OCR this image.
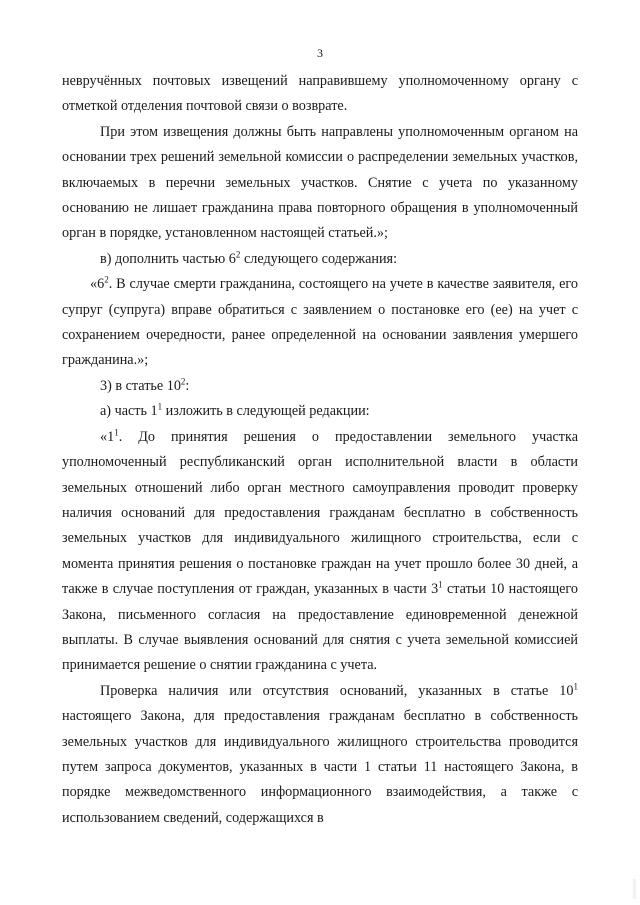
3

невручённых почтовых извещений направившему уполномоченному органу с отметкой отделения почтовой связи о возврате.

При этом извещения должны быть направлены уполномоченным органом на основании трех решений земельной комиссии о распределении земельных участков, включаемых в перечни земельных участков. Снятие с учета по указанному основанию не лишает гражданина права повторного обращения в уполномоченный орган в порядке, установленном настоящей статьей.»;

в) дополнить частью $6^2$ следующего содержания:

«$6^2$. В случае смерти гражданина, состоящего на учете в качестве заявителя, его супруг (супруга) вправе обратиться с заявлением о постановке его (ее) на учет с сохранением очередности, ранее определенной на основании заявления умершего гражданина.»;

3) в статье $10^2$:

а) часть $1^1$ изложить в следующей редакции:

«$1^1$. До принятия решения о предоставлении земельного участка уполномоченный республиканский орган исполнительной власти в области земельных отношений либо орган местного самоуправления проводит проверку наличия оснований для предоставления гражданам бесплатно в собственность земельных участков для индивидуального жилищного строительства, если с момента принятия решения о постановке граждан на учет прошло более 30 дней, а также в случае поступления от граждан, указанных в части $3^1$ статьи 10 настоящего Закона, письменного согласия на предоставление единовременной денежной выплаты. В случае выявления оснований для снятия с учета земельной комиссией принимается решение о снятии гражданина с учета.

Проверка наличия или отсутствия оснований, указанных в статье $10^1$ настоящего Закона, для предоставления гражданам бесплатно в собственность земельных участков для индивидуального жилищного строительства проводится путем запроса документов, указанных в части 1 статьи 11 настоящего Закона, в порядке межведомственного информационного взаимодействия, а также с использованием сведений, содержащихся в
